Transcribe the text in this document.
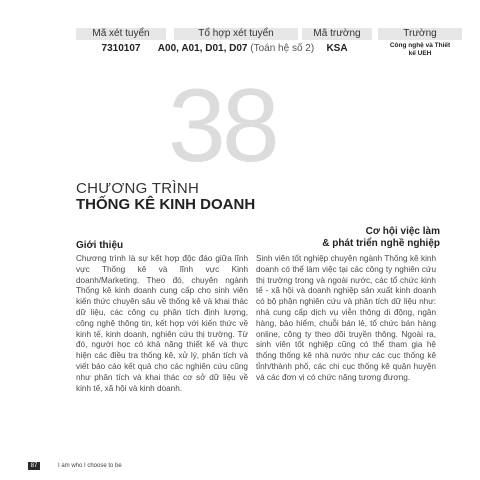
Mã xét tuyển
7310107
Tổ hợp xét tuyển
A00, A01, D01, D07 (Toán hệ số 2)
Mã trường
KSA
Trường
Công nghệ và Thiết kế UEH
38
CHƯƠNG TRÌNH
THỐNG KÊ KINH DOANH
Giới thiệu
Chương trình là sự kết hợp độc đáo giữa lĩnh vực Thống kê và lĩnh vực Kinh doanh/Marketing. Theo đó, chuyên ngành Thống kê kinh doanh cung cấp cho sinh viên kiến thức chuyên sâu về thống kê và khai thác dữ liệu, các công cụ phân tích định lượng, công nghệ thông tin, kết hợp với kiến thức về kinh tế, kinh doanh, nghiên cứu thị trường. Từ đó, người học có khả năng thiết kế và thực hiện các điều tra thống kê, xử lý, phân tích và viết báo cáo kết quả cho các nghiên cứu cũng như phân tích và khai thác cơ sở dữ liệu về kinh tế, xã hội và kinh doanh.
Cơ hội việc làm
& phát triển nghề nghiệp
Sinh viên tốt nghiệp chuyên ngành Thống kê kinh doanh có thể làm việc tại các công ty nghiên cứu thị trường trong và ngoài nước, các tổ chức kinh tế - xã hội và doanh nghiệp sản xuất kinh doanh có bộ phận nghiên cứu và phân tích dữ liệu như: nhà cung cấp dịch vụ viễn thông di động, ngân hàng, bảo hiểm, chuỗi bán lẻ, tổ chức bán hàng online, công ty theo dõi truyền thông. Ngoài ra, sinh viên tốt nghiệp cũng có thể tham gia hệ thống thống kê nhà nước như các cục thống kê tỉnh/thành phố, các chi cục thống kê quận huyện và các đơn vị có chức năng tương đương.
87	I am who I choose to be
